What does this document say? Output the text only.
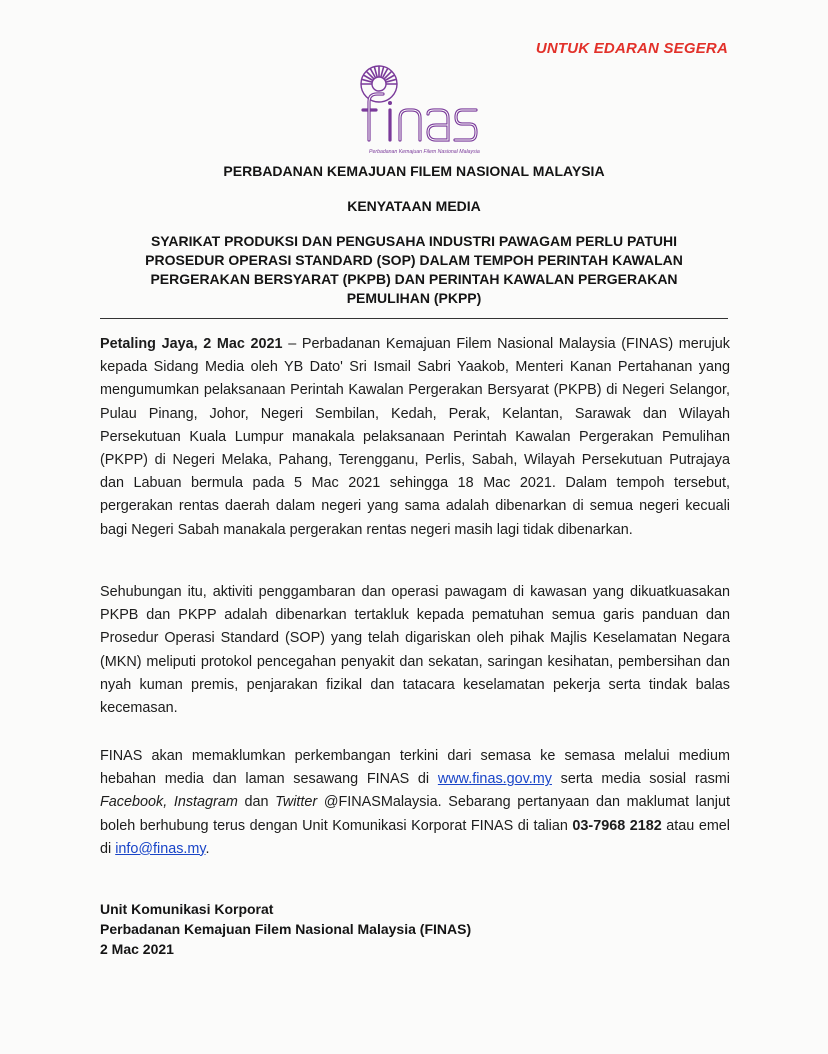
UNTUK EDARAN SEGERA
Perbadanan Kemajuan Filem Nasional Malaysia
PERBADANAN KEMAJUAN FILEM NASIONAL MALAYSIA
KENYATAAN MEDIA
SYARIKAT PRODUKSI DAN PENGUSAHA INDUSTRI PAWAGAM PERLU PATUHI
PROSEDUR OPERASI STANDARD (SOP) DALAM TEMPOH PERINTAH KAWALAN
PERGERAKAN BERSYARAT (PKPB) DAN PERINTAH KAWALAN PERGERAKAN
PEMULIHAN (PKPP)
Petaling Jaya, 2 Mac 2021 – Perbadanan Kemajuan Filem Nasional Malaysia (FINAS) merujuk kepada Sidang Media oleh YB Dato' Sri Ismail Sabri Yaakob, Menteri Kanan Pertahanan yang mengumumkan pelaksanaan Perintah Kawalan Pergerakan Bersyarat (PKPB) di Negeri Selangor, Pulau Pinang, Johor, Negeri Sembilan, Kedah, Perak, Kelantan, Sarawak dan Wilayah Persekutuan Kuala Lumpur manakala pelaksanaan Perintah Kawalan Pergerakan Pemulihan (PKPP) di Negeri Melaka, Pahang, Terengganu, Perlis, Sabah, Wilayah Persekutuan Putrajaya dan Labuan bermula pada 5 Mac 2021 sehingga 18 Mac 2021. Dalam tempoh tersebut, pergerakan rentas daerah dalam negeri yang sama adalah dibenarkan di semua negeri kecuali bagi Negeri Sabah manakala pergerakan rentas negeri masih lagi tidak dibenarkan.
Sehubungan itu, aktiviti penggambaran dan operasi pawagam di kawasan yang dikuatkuasakan PKPB dan PKPP adalah dibenarkan tertakluk kepada pematuhan semua garis panduan dan Prosedur Operasi Standard (SOP) yang telah digariskan oleh pihak Majlis Keselamatan Negara (MKN) meliputi protokol pencegahan penyakit dan sekatan, saringan kesihatan, pembersihan dan nyah kuman premis, penjarakan fizikal dan tatacara keselamatan pekerja serta tindak balas kecemasan.
FINAS akan memaklumkan perkembangan terkini dari semasa ke semasa melalui medium hebahan media dan laman sesawang FINAS di www.finas.gov.my serta media sosial rasmi Facebook, Instagram dan Twitter @FINASMalaysia. Sebarang pertanyaan dan maklumat lanjut boleh berhubung terus dengan Unit Komunikasi Korporat FINAS di talian 03-7968 2182 atau emel di info@finas.my.
Unit Komunikasi Korporat
Perbadanan Kemajuan Filem Nasional Malaysia (FINAS)
2 Mac 2021
